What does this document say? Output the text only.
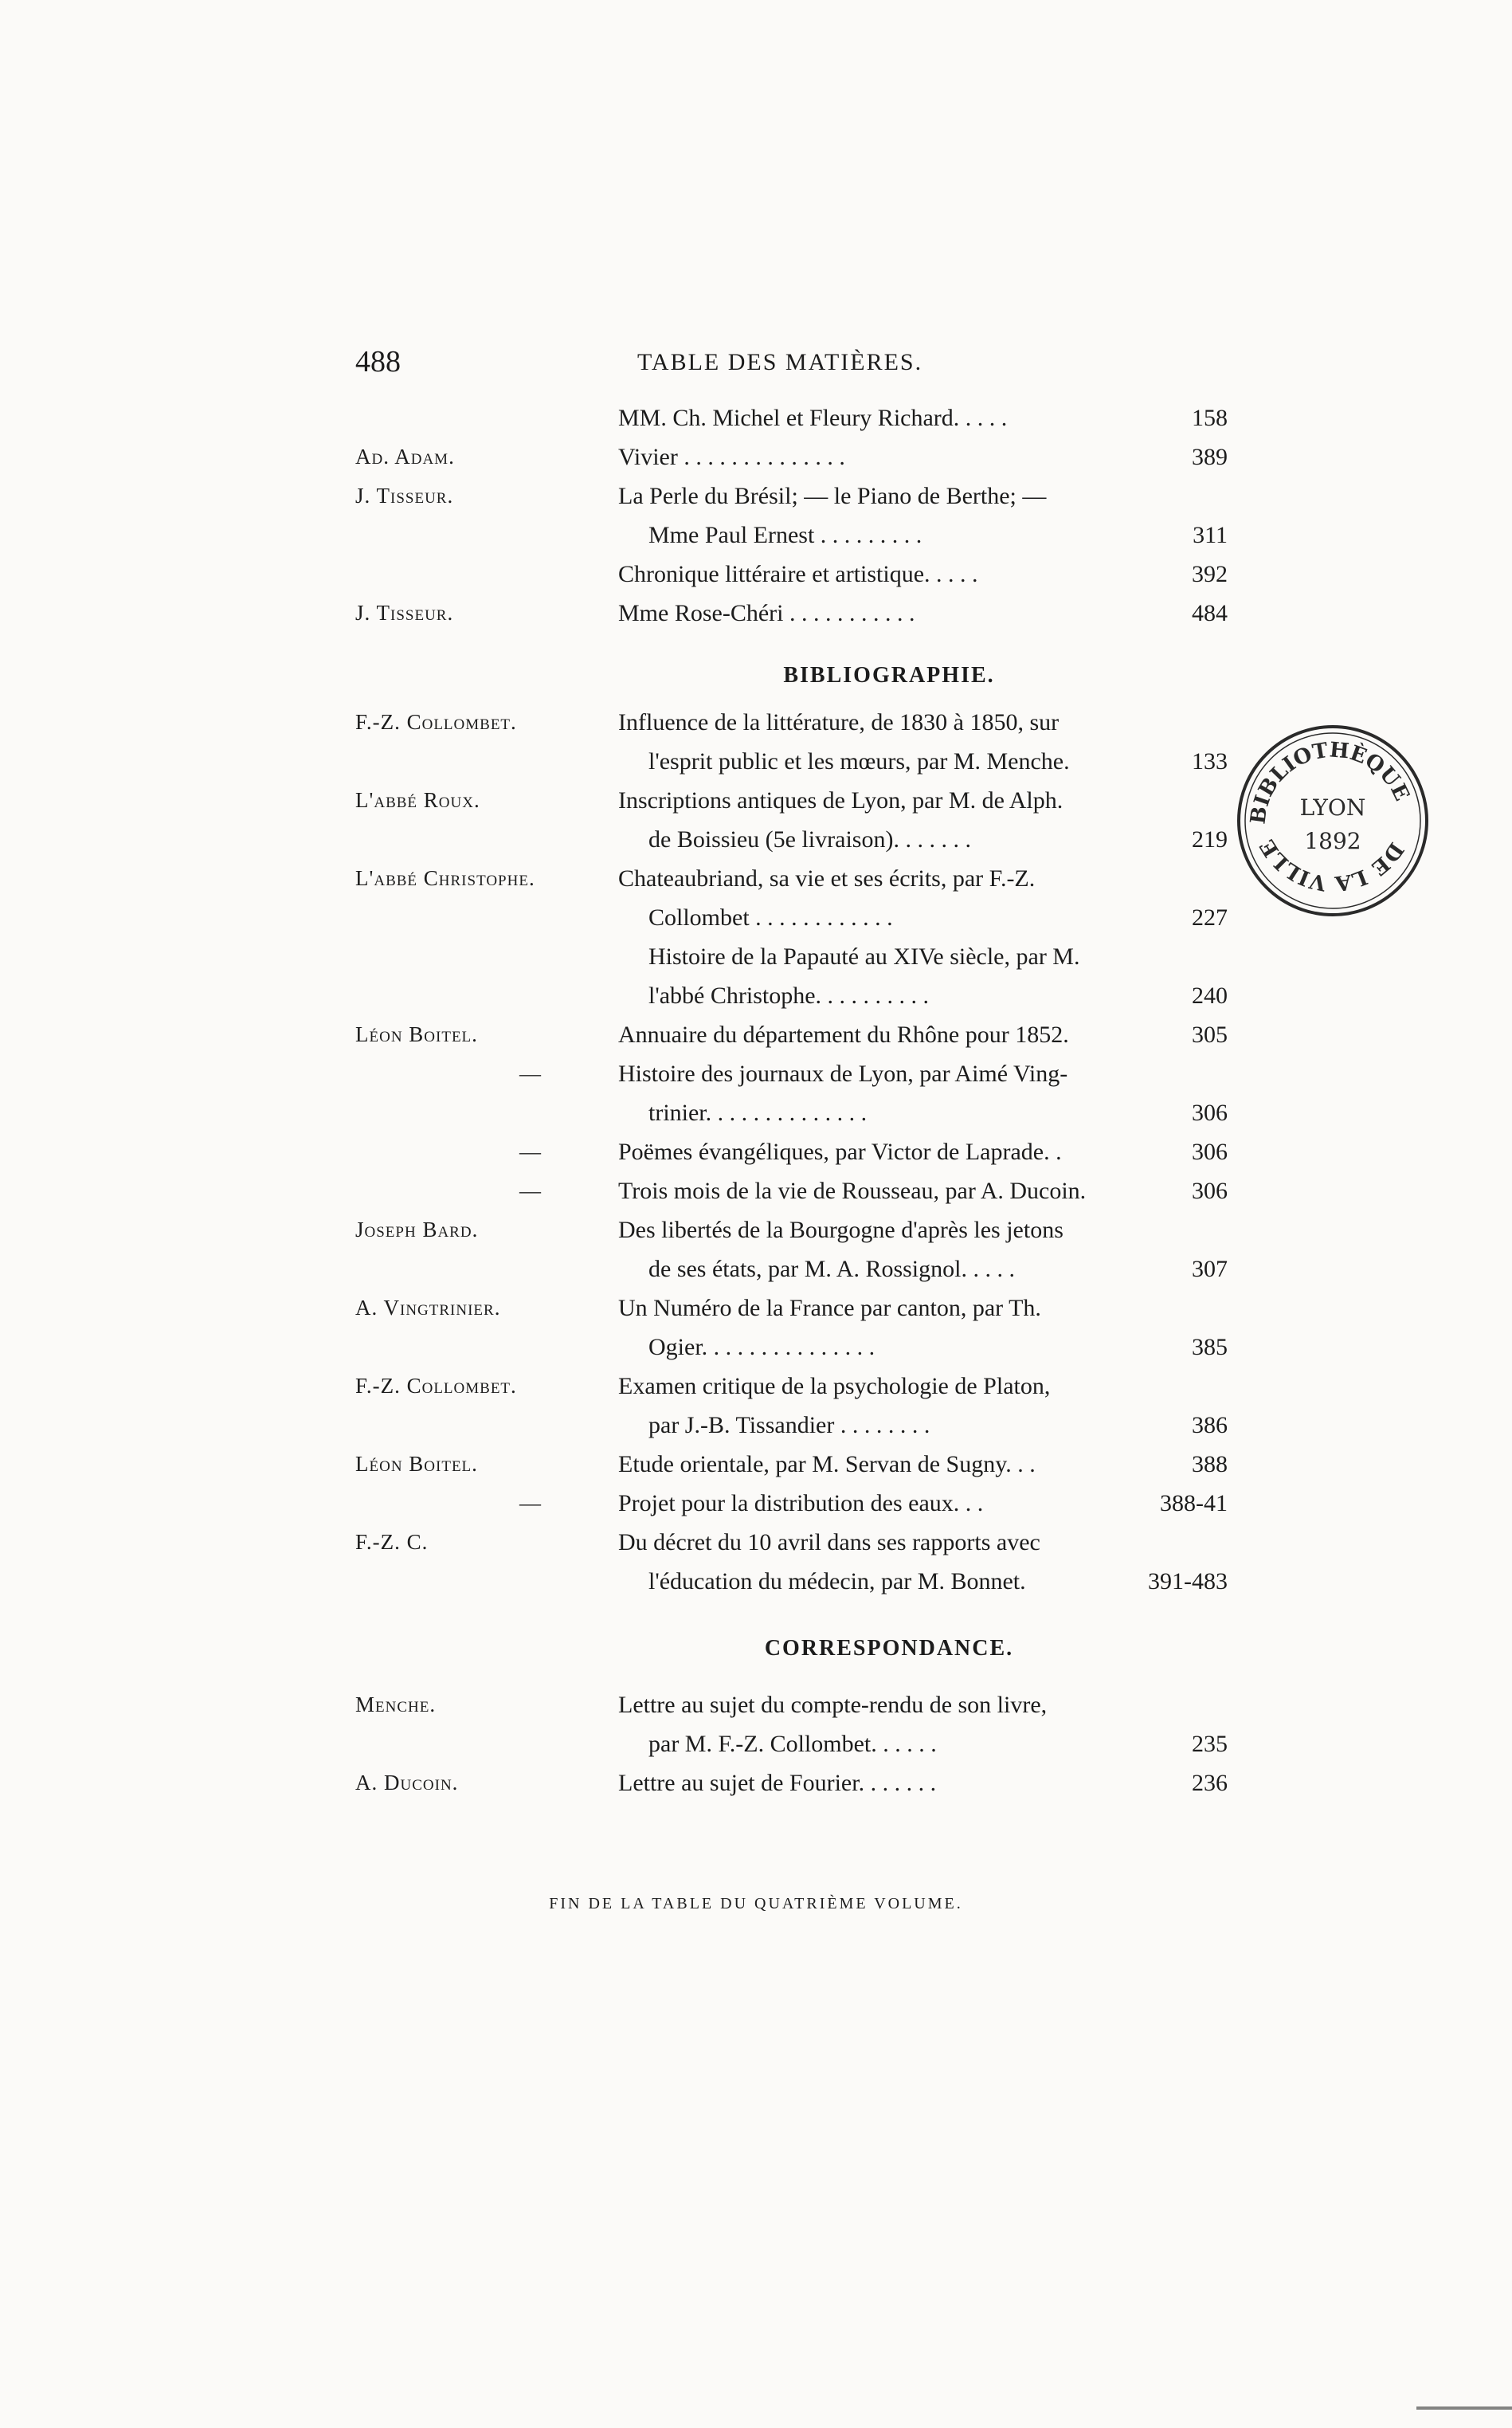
488	TABLE DES MATIÈRES.
MM. Ch. Michel et Fleury Richard. . . . .	158
Ad. Adam.	Vivier . . . . . . . . . . . . . .	389
J. Tisseur.	La Perle du Brésil; — le Piano de Berthe; —
Mme Paul Ernest . . . . . . . . .	311
Chronique littéraire et artistique. . . . .	392
J. Tisseur.	Mme Rose-Chéri . . . . . . . . . . .	484
BIBLIOGRAPHIE.
F.-Z. Collombet.	Influence de la littérature, de 1830 à 1850, sur
l'esprit public et les mœurs, par M. Menche.	133
L'abbé Roux.	Inscriptions antiques de Lyon, par M. de Alph.
de Boissieu (5e livraison). . . . . . .	219
L'abbé Christophe.	Chateaubriand, sa vie et ses écrits, par F.-Z.
Collombet . . . . . . . . . . . .	227
Histoire de la Papauté au XIVe siècle, par M.
l'abbé Christophe. . . . . . . . . .	240
Léon Boitel.	Annuaire du département du Rhône pour 1852.	305
—	Histoire des journaux de Lyon, par Aimé Ving-
trinier. . . . . . . . . . . . . .	306
—	Poëmes évangéliques, par Victor de Laprade. .	306
—	Trois mois de la vie de Rousseau, par A. Ducoin.	306
Joseph Bard.	Des libertés de la Bourgogne d'après les jetons
de ses états, par M. A. Rossignol. . . . .	307
A. Vingtrinier.	Un Numéro de la France par canton, par Th.
Ogier. . . . . . . . . . . . . . .	385
F.-Z. Collombet.	Examen critique de la psychologie de Platon,
par J.-B. Tissandier . . . . . . . .	386
Léon Boitel.	Etude orientale, par M. Servan de Sugny. . .	388
—	Projet pour la distribution des eaux. . .	388-41
F.-Z. C.	Du décret du 10 avril dans ses rapports avec
l'éducation du médecin, par M. Bonnet.	391-483
CORRESPONDANCE.
Menche.	Lettre au sujet du compte-rendu de son livre,
par M. F.-Z. Collombet. . . . . .	235
A. Ducoin.	Lettre au sujet de Fourier. . . . . . .	236
FIN DE LA TABLE DU QUATRIÈME VOLUME.
BIBLIOTHÈQUE
DE LA VILLE
LYON
1892
